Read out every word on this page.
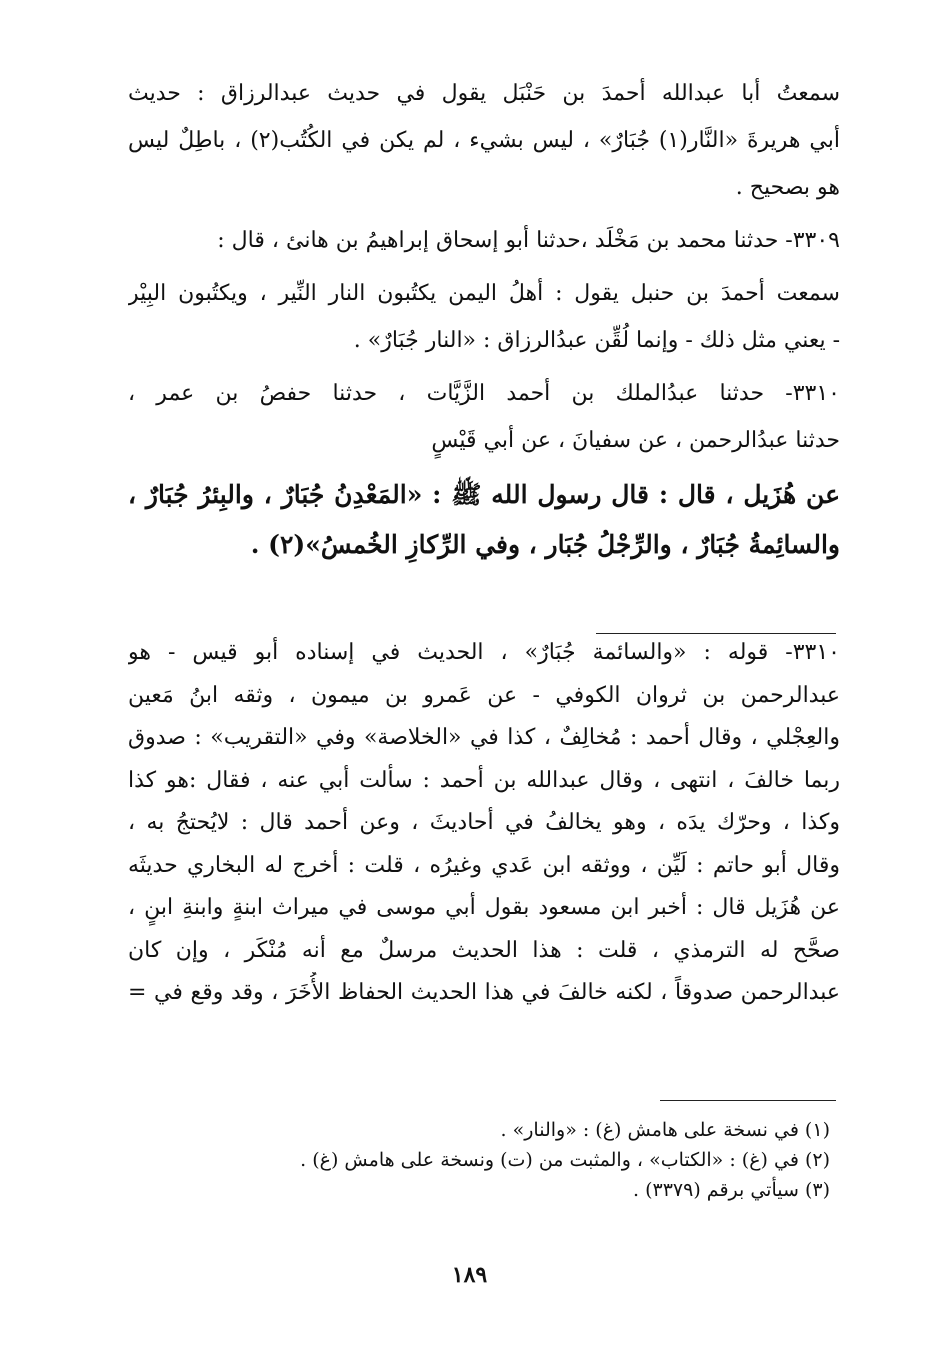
سمعتُ أبا عبدالله أحمدَ بن حَنْبَل يقول في حديث عبدالرزاق : حديث
أبي هريرةَ «النَّار(١) جُبَارٌ» ، ليس بشيء ، لم يكن في الكُتُب(٢) ، باطِلٌ ليس
هو بصحيح .
٣٣٠٩- حدثنا محمد بن مَخْلَد ،حدثنا أبو إسحاق إبراهيمُ بن هانئ ، قال :
سمعت أحمدَ بن حنبل يقول : أهلُ اليمن يكتُبون النار النِّير ، ويكتُبون البِيْر
- يعني مثل ذلك - وإنما لُقِّن عبدُالرزاق : «النار جُبَارٌ» .
٣٣١٠- حدثنا عبدُالملك بن أحمد الزَّيَّات ، حدثنا حفصُ بن عمر ،
حدثنا عبدُالرحمن ، عن سفيانَ ، عن أبي قَيْسٍ
عن هُزَيل ، قال : قال رسول الله ﷺ : «المَعْدِنُ جُبَارٌ ، والبِئرُ جُبَارٌ ،
والسائِمةُ جُبَارٌ ، والرِّجْلُ جُبَار ، وفي الرِّكازِ الخُمسُ»(٢) .
٣٣١٠- قوله : «والسائمة جُبَارٌ» ، الحديث في إسناده أبو قيس - هو
عبدالرحمن بن ثروان الكوفي - عن عَمرو بن ميمون ، وثقه ابنُ مَعين
والعِجْلي ، وقال أحمد : مُخالِفٌ ، كذا في «الخلاصة» وفي «التقريب» : صدوق
ربما خالفَ ، انتهى ، وقال عبدالله بن أحمد : سألت أبي عنه ، فقال :هو كذا
وكذا ، وحرّك يدَه ، وهو يخالفُ في أحاديثَ ، وعن أحمد قال : لايُحتجُ به ،
وقال أبو حاتم : لَيِّن ، ووثقه ابن عَدي وغيرُه ، قلت : أخرج له البخاري حديثَه
عن هُزَيل قال : أخبر ابن مسعود بقول أبي موسى في ميراث ابنةٍ وابنةِ ابنٍ ،
صحَّح له الترمذي ، قلت : هذا الحديث مرسلٌ مع أنه مُنْكَر ، وإن كان
عبدالرحمن صدوقاً ، لكنه خالفَ في هذا الحديث الحفاظ الأُخَرَ ، وقد وقع في =
(١) في نسخة على هامش (غ) : «والنار» .
(٢) في (غ) : «الكتاب» ، والمثبت من (ت) ونسخة على هامش (غ) .
(٣) سيأتي برقم (٣٣٧٩) .
١٨٩
